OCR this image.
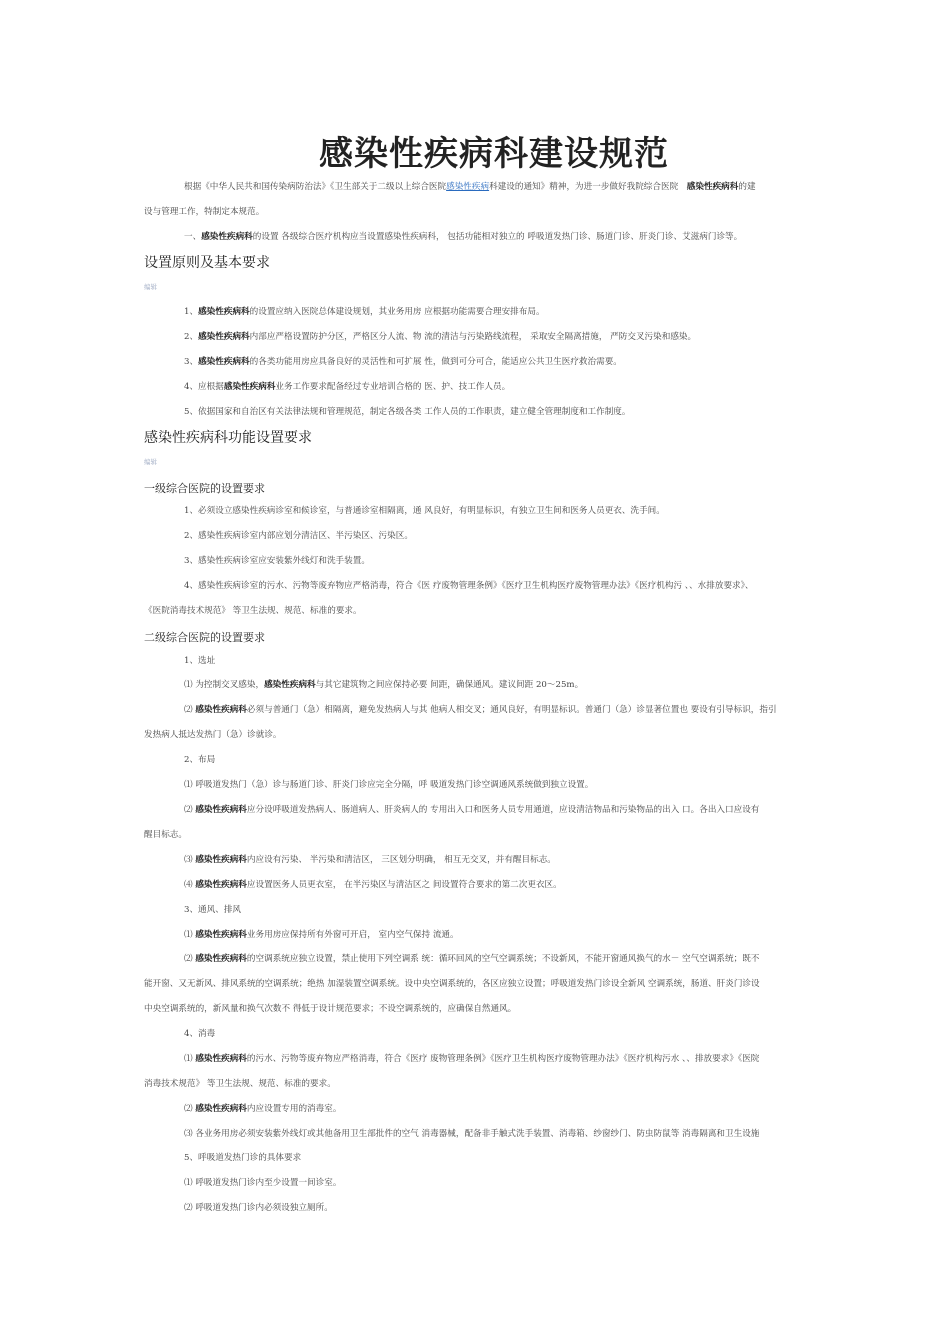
感染性疾病科建设规范
根据《中华人民共和国传染病防治法》《卫生部关于二级以上综合医院感染性疾病科建设的通知》精神，为进一步做好我院综合医院　 感染性疾病科的建
设与管理工作，特制定本规范。
一、感染性疾病科的设置 各级综合医疗机构应当设置感染性疾病科， 包括功能相对独立的 呼吸道发热门诊、肠道门诊、肝炎门诊、艾滋病门诊等。
设置原则及基本要求
编辑
1、感染性疾病科的设置应纳入医院总体建设规划，其业务用房 应根据功能需要合理安排布局。
2、感染性疾病科内部应严格设置防护分区，严格区分人流、物 流的清洁与污染路线流程， 采取安全隔离措施， 严防交叉污染和感染。
3、感染性疾病科的各类功能用房应具备良好的灵活性和可扩展 性，做到可分可合，能适应公共卫生医疗救治需要。
4、应根据感染性疾病科业务工作要求配备经过专业培训合格的 医、护、技工作人员。
5、依据国家和自治区有关法律法规和管理规范，制定各级各类 工作人员的工作职责，建立健全管理制度和工作制度。
感染性疾病科功能设置要求
编辑
一级综合医院的设置要求
1、必须设立感染性疾病诊室和候诊室，与普通诊室相隔离，通 风良好，有明显标识，有独立卫生间和医务人员更衣、洗手间。
2、感染性疾病诊室内部应划分清洁区、半污染区、污染区。
3、感染性疾病诊室应安装紫外线灯和洗手装置。
4、感染性疾病诊室的污水、污物等废弃物应严格消毒，符合《医 疗废物管理条例》《医疗卫生机构医疗废物管理办法》《医疗机构污 、、水排放要求》、
《医院消毒技术规范》 等卫生法规、规范、标准的要求。
二级综合医院的设置要求
1、选址
⑴ 为控制交叉感染，感染性疾病科与其它建筑物之间应保持必要 间距，确保通风。建议间距 20～25m。
⑵ 感染性疾病科必须与普通门（急）相隔离，避免发热病人与其 他病人相交叉；通风良好，有明显标识。普通门（急）诊显著位置也 要设有引导标识，指引
发热病人抵达发热门（急）诊就诊。
2、布局
⑴ 呼吸道发热门（急）诊与肠道门诊、肝炎门诊应完全分隔，呼 吸道发热门诊空调通风系统做到独立设置。
⑵ 感染性疾病科应分设呼吸道发热病人、肠道病人、肝炎病人的 专用出入口和医务人员专用通道，应设清洁物品和污染物品的出入 口。各出入口应设有
醒目标志。
⑶ 感染性疾病科内应设有污染、 半污染和清洁区， 三区划分明确， 相互无交叉，并有醒目标志。
⑷ 感染性疾病科应设置医务人员更衣室， 在半污染区与清洁区之 间设置符合要求的第二次更衣区。
3、通风、排风
⑴ 感染性疾病科业务用房应保持所有外窗可开启， 室内空气保持 流通。
⑵ 感染性疾病科的空调系统应独立设置，禁止使用下列空调系 统：循环回风的空气空调系统；不设新风，不能开窗通风换气的水－ 空气空调系统；既不
能开窗、又无新风、排风系统的空调系统；绝热 加湿装置空调系统。设中央空调系统的，各区应独立设置；呼吸道发热门诊设全新风 空调系统，肠道、肝炎门诊设
中央空调系统的，新风量和换气次数不 得低于设计规范要求；不设空调系统的，应确保自然通风。
4、消毒
⑴ 感染性疾病科的污水、污物等废弃物应严格消毒，符合《医疗 废物管理条例》《医疗卫生机构医疗废物管理办法》《医疗机构污水 、、排放要求》《医院
消毒技术规范》 等卫生法规、规范、标准的要求。
⑵ 感染性疾病科内应设置专用的消毒室。
⑶ 各业务用房必须安装紫外线灯或其他备用卫生部批件的空气 消毒器械，配备非手触式洗手装置、消毒箱、纱窗纱门、防虫防鼠等 消毒隔离和卫生设施
5、呼吸道发热门诊的具体要求
⑴ 呼吸道发热门诊内至少设置一间诊室。
⑵ 呼吸道发热门诊内必须设独立厕所。
